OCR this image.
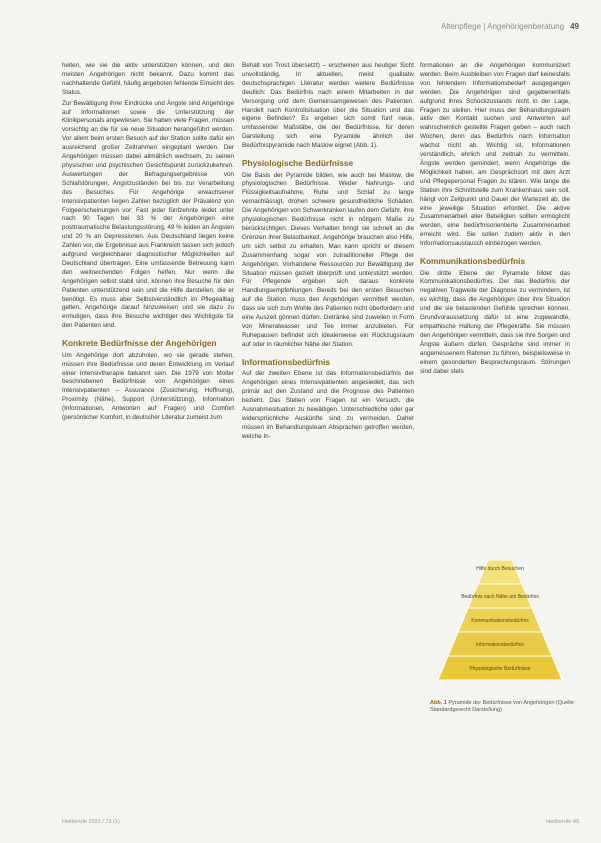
Altenpflege | Angehörigenberatung 49

heiten, wie sie die aktiv unterstützen können, und den meisten Angehörigen nicht bekannt. Dazu kommt das nachhaltende Gefühl, häufig angeboten fehlende Einsicht des Status.

Zur Bewältigung ihrer Eindrücke und Ängste sind Angehörige auf Informationen sowie die Unterstützung der Klinikpersonals angewiesen. Sie haben viele Fragen, müssen vorsichtig an die für sie neue Situation herangeführt werden. Vor allem beim ersten Besuch auf der Station sollte dafür ein ausreichend großer Zeitrahmen eingeplant werden. Der Angehörigen müssen dabei allmählich wechseln, zu seinen physischen und psychischen Gesichtspunkt zurückzukehren. Auswertungen der Befragungsergebnisse von Schlafstörungen, Angstzuständen bei bis zur Verarbeitung des Besuches. Für Angehörige erwachsener Intensivpatienten liegen Zahlen bezüglich der Prävalenz von Folgeerscheinungen vor: Fast jeder fünfzehnte leidet unter nach 90 Tagen bei 33 % der Angehörigen eine posttraumatische Belastungsstörung, 49 % leiden an Ängsten und 20 % an Depressionen. Aus Deutschland liegen keine Zahlen vor, die Ergebnisse aus Frankreich lassen sich jedoch aufgrund vergleichbarer diagnostischer Möglichkeiten auf Deutschland übertragen. Eine umfassende Betreuung kann den weitreichenden Folgen helfen. Nur wenn die Angehörigen selbst stabil sind, können ihre Besuche für den Patienten unterstützend sein und die Hilfe darstellen, die er benötigt. Es muss aber Selbstverständlich im Pflegealltag gelten, Angehörige darauf hinzuweisen und sie dazu zu ermutigen, dass ihre Besuche wichtiger des Wichtigste für den Patienten sind.

Konkrete Bedürfnisse der Angehörigen

Um Angehörige dort abzuholen, wo sie gerade stehen, müssen ihre Bedürfnisse und deren Entwicklung im Verlauf einer Intensivtherapie bekannt sein. Die 1979 von Molter beschriebenen Bedürfnisse von Angehörigen eines Intensivpatienten – Assurance (Zusicherung, Hoffnung), Proximity (Nähe), Support (Unterstützung), Information (Informationen, Antworten auf Fragen) und Comfort (persönlicher Komfort, in deutscher Literatur zumeist zum

Behalt von Trost übersetzt) – erscheinen aus heutiger Sicht unvollständig. In aktuellen, meist qualitativ deutschsprachigen Literatur werden weitere Bedürfnisse deutlich: Das Bedürfnis nach einem Mitarbeiten in der Versorgung und dem Gemeinsamgewesen des Patienten. Handelt nach Kontrollsituation über die Situation und das eigene Befinden? Es ergeben sich somit fünf neue, umfassender Maßstäbe, die der Bedürfnisse, für deren Darstellung sich eine Pyramide ähnlich der Bedürfnispyramide nach Maslow eignet (Abb. 1).

Physiologische Bedürfnisse

Die Basis der Pyramide bilden, wie auch bei Maslow, die physiologischen Bedürfnisse. Weder Nahrungs- und Flüssigkeitsaufnahme, Ruhe und Schlaf zu lange vernachlässigt, drohen schwere gesundheitliche Schäden. Die Angehörigen von Schwerkranken laufen dem Gefahr, ihre physiologischen Bedürfnisse nicht in nötigem Maße zu berücksichtigen. Dieses Verhalten bringt sie schnell an die Grenzen ihrer Belastbarkeit. Angehörige brauchen also Hilfe, um sich selbst zu erhalten. Man kann spricht er diesem Zusammenhang sogar von zutraditioneller Pflege der Angehörigen. Vorhandene Ressourcen zur Bewältigung der Situation müssen gezielt überprüft und unterstützt werden. Für Pflegende ergeben sich daraus konkrete Handlungsempfehlungen. Bereits bei den ersten Besuchen auf die Station muss den Angehörigen vermittelt werden, dass sie sich zum Wohle des Patienten nicht überfordern und eine Auszeit gönnen dürfen. Getränke sind zuweilen in Form von Mineralwasser und Tee immer anzubieten. Für Ruhepausen befindet sich idealerweise ein Rückzugsraum auf oder in räumlicher Nähe der Station.

Informationsbedürfnis

Auf der zweiten Ebene ist das Informationsbedürfnis der Angehörigen eines Intensivpatienten angesiedelt, das sich primär auf den Zustand und die Prognose des Patienten bezieht. Das Stellen von Fragen ist ein Versuch, die Ausnahmesituation zu bewältigen. Unterschiedliche oder gar widersprüchliche Auskünfte sind zu vermeiden. Daher müssen im Behandlungsteam Absprachen getroffen werden, welche In-

formationen an die Angehörigen kommuniziert werden. Beim Ausbleiben von Fragen darf keinesfalls von fehlendem Informationsbedarf ausgegangen werden. Die Angehörigen sind gegebenenfalls aufgrund ihres Schockzustands nicht in der Lage, Fragen zu stellen. Hier muss der Behandlungsteam aktiv den Kontakt suchen und Antworten auf wahrscheinlich gestellte Fragen geben – auch nach Wochen, denn das Bedürfnis nach Information wächst nicht ab. Wichtig ist, Informationen verständlich, ehrlich und zeitnah zu vermitteln. Ängste werden gemindert, wenn Angehörige die Möglichkeit haben, am Gesprächsort mit dem Arzt und Pflegepersonal Fragen zu klären. Wie lange die Station ihre Schnittstelle zum Krankenhaus sein soll, hängt von Zeitpunkt und Dauer der Wartezeit ab, die eine jeweilige Situation erfordert. Die aktive Zusammenarbeit aller Beteiligten sollten ermöglicht werden, eine bedürfnisorientierte Zusammenarbeit erreicht wird. Sie sollen zudem aktiv in den Informationsaustausch einbezogen werden.

Kommunikationsbedürfnis

Die dritte Ebene der Pyramide bildet das Kommunikationsbedürfnis. Der das Bedürfnis der negativen Tragweite der Diagnose zu vermindern, ist es wichtig, dass die Angehörigen über ihre Situation und die sie belastenden Gefühle sprechen können. Grundvoraussetzung dafür ist eine zugewandte, empathische Haltung der Pflegekräfte. Sie müssen den Angehörigen vermitteln, dass sie ihre Sorgen und Ängste äußern dürfen. Gespräche sind immer in angemessenem Rahmen zu führen, beispielsweise in einem gesonderten Besprechungsraum. Störungen sind dabei stets

Hilfe durch Besuchen
Bedürfnis nach Nähe am Bedürfnis
Kommunikationsbedürfnis
Informationsbedürfnis
Physiologische Bedürfnisse
Abb. 1 Pyramide der Bedürfnisse von Angehörigen (Quelle: Standardgerecht Darstellung)
Heilberufe 2021 / 73 (1)	Heilberufe 49
